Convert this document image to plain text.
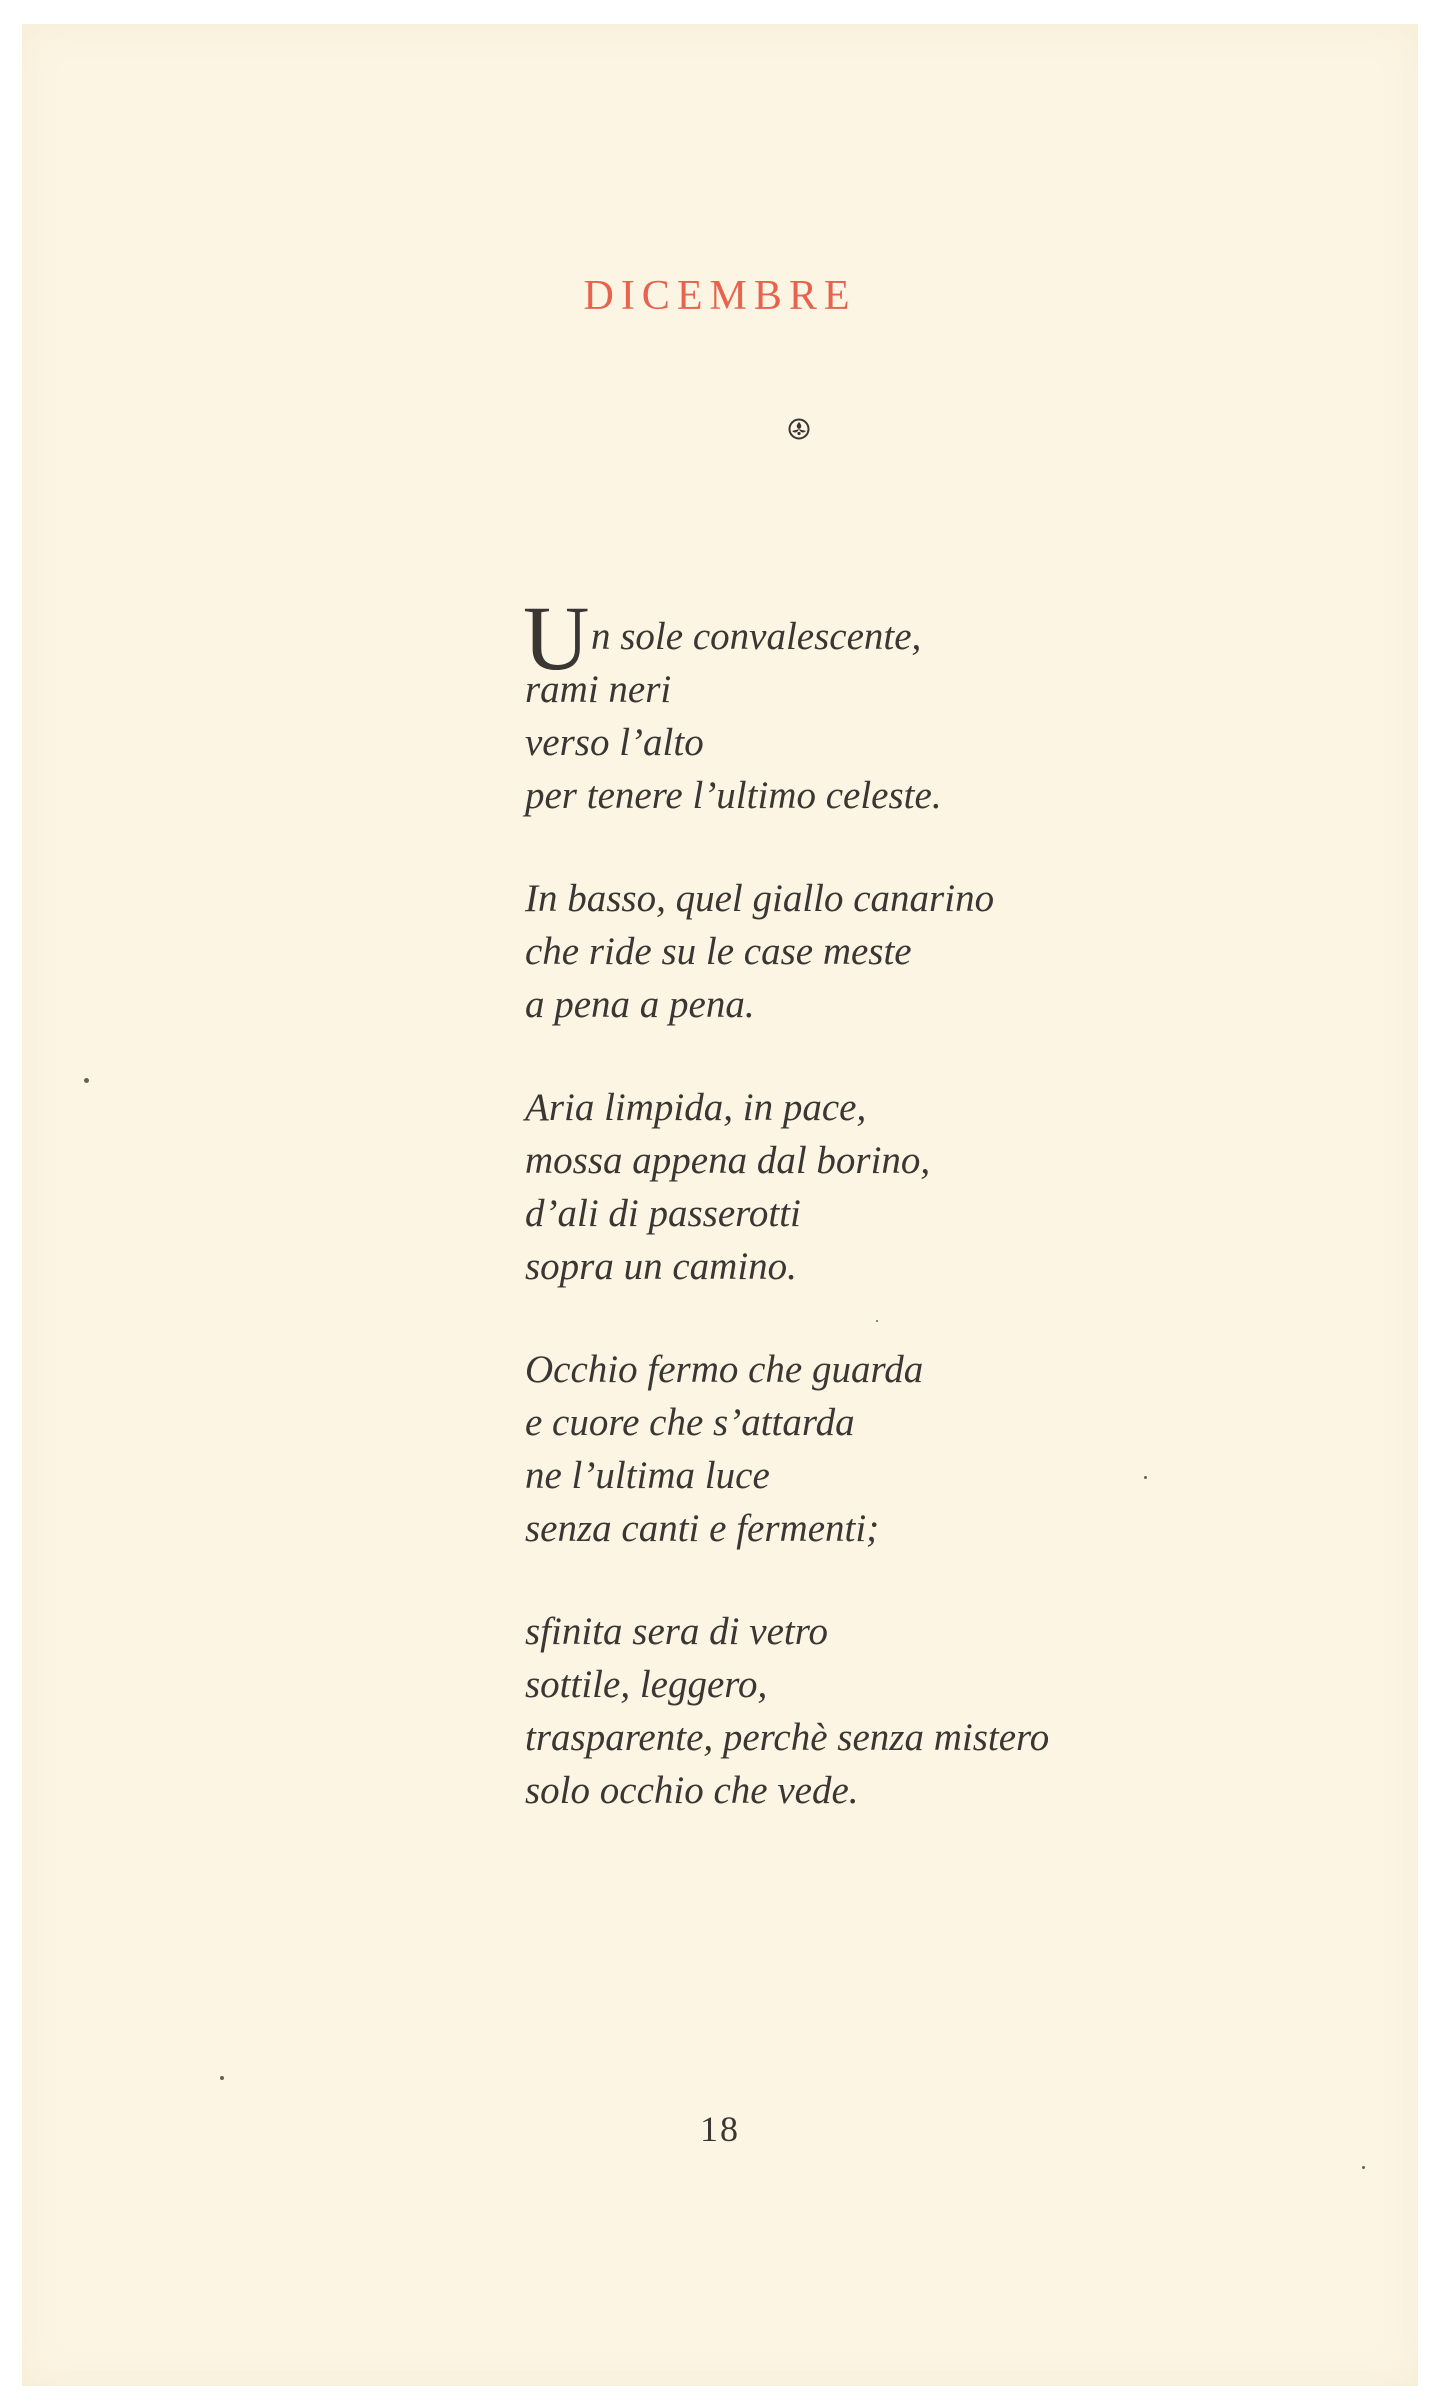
DICEMBRE
U n sole convalescente,
rami neri
verso l’alto
per tenere l’ultimo celeste.
In basso, quel giallo canarino
che ride su le case meste
a pena a pena.
Aria limpida, in pace,
mossa appena dal borino,
d’ali di passerotti
sopra un camino.
Occhio fermo che guarda
e cuore che s’attarda
ne l’ultima luce
senza canti e fermenti;
sfinita sera di vetro
sottile, leggero,
trasparente, perchè senza mistero
solo occhio che vede.
18
